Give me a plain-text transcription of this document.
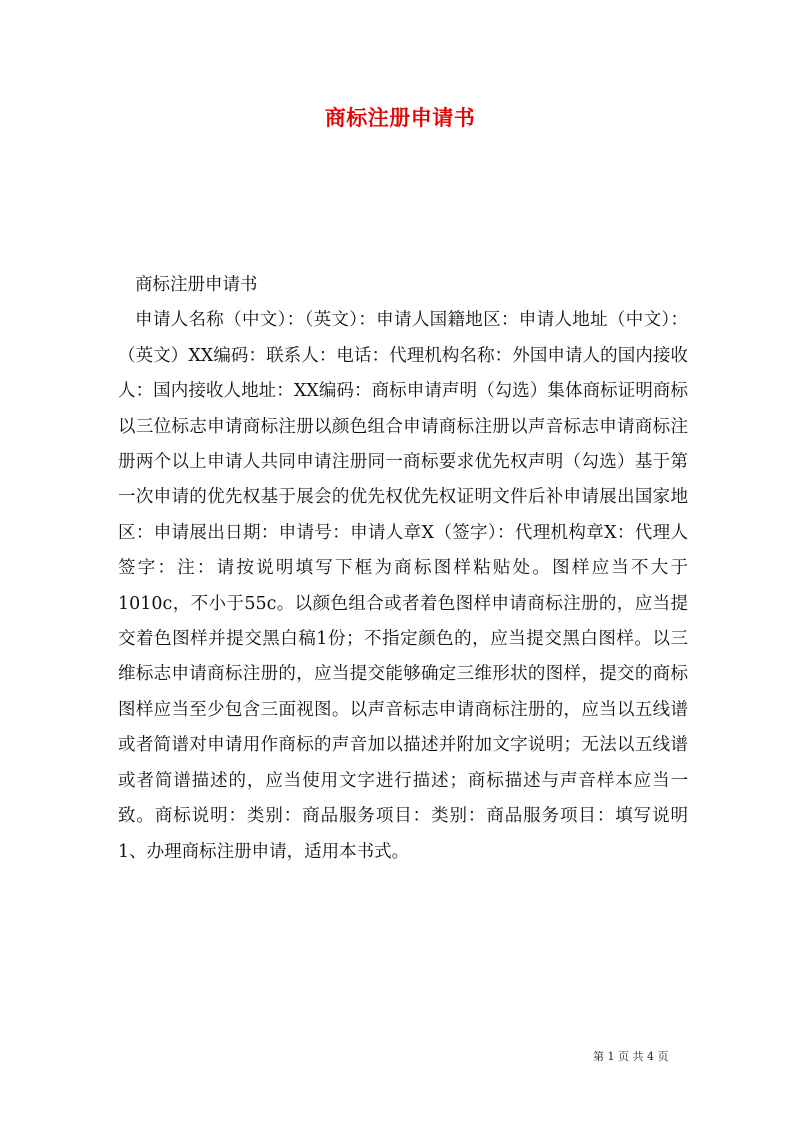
商标注册申请书

商标注册申请书

申请人名称（中文）：（英文）：申请人国籍地区：申请人地址（中文）：（英文）XX编码：联系人：电话：代理机构名称：外国申请人的国内接收人：国内接收人地址：XX编码：商标申请声明（勾选）集体商标证明商标以三位标志申请商标注册以颜色组合申请商标注册以声音标志申请商标注册两个以上申请人共同申请注册同一商标要求优先权声明（勾选）基于第一次申请的优先权基于展会的优先权优先权证明文件后补申请展出国家地区：申请展出日期：申请号：申请人章X（签字）：代理机构章X：代理人签字：注：请按说明填写下框为商标图样粘贴处。图样应当不大于1010c，不小于55c。以颜色组合或者着色图样申请商标注册的，应当提交着色图样并提交黑白稿1份；不指定颜色的，应当提交黑白图样。以三维标志申请商标注册的，应当提交能够确定三维形状的图样，提交的商标图样应当至少包含三面视图。以声音标志申请商标注册的，应当以五线谱或者简谱对申请用作商标的声音加以描述并附加文字说明；无法以五线谱或者简谱描述的，应当使用文字进行描述；商标描述与声音样本应当一致。商标说明：类别：商品服务项目：类别：商品服务项目：填写说明1、办理商标注册申请，适用本书式。

第 1 页 共 4 页
